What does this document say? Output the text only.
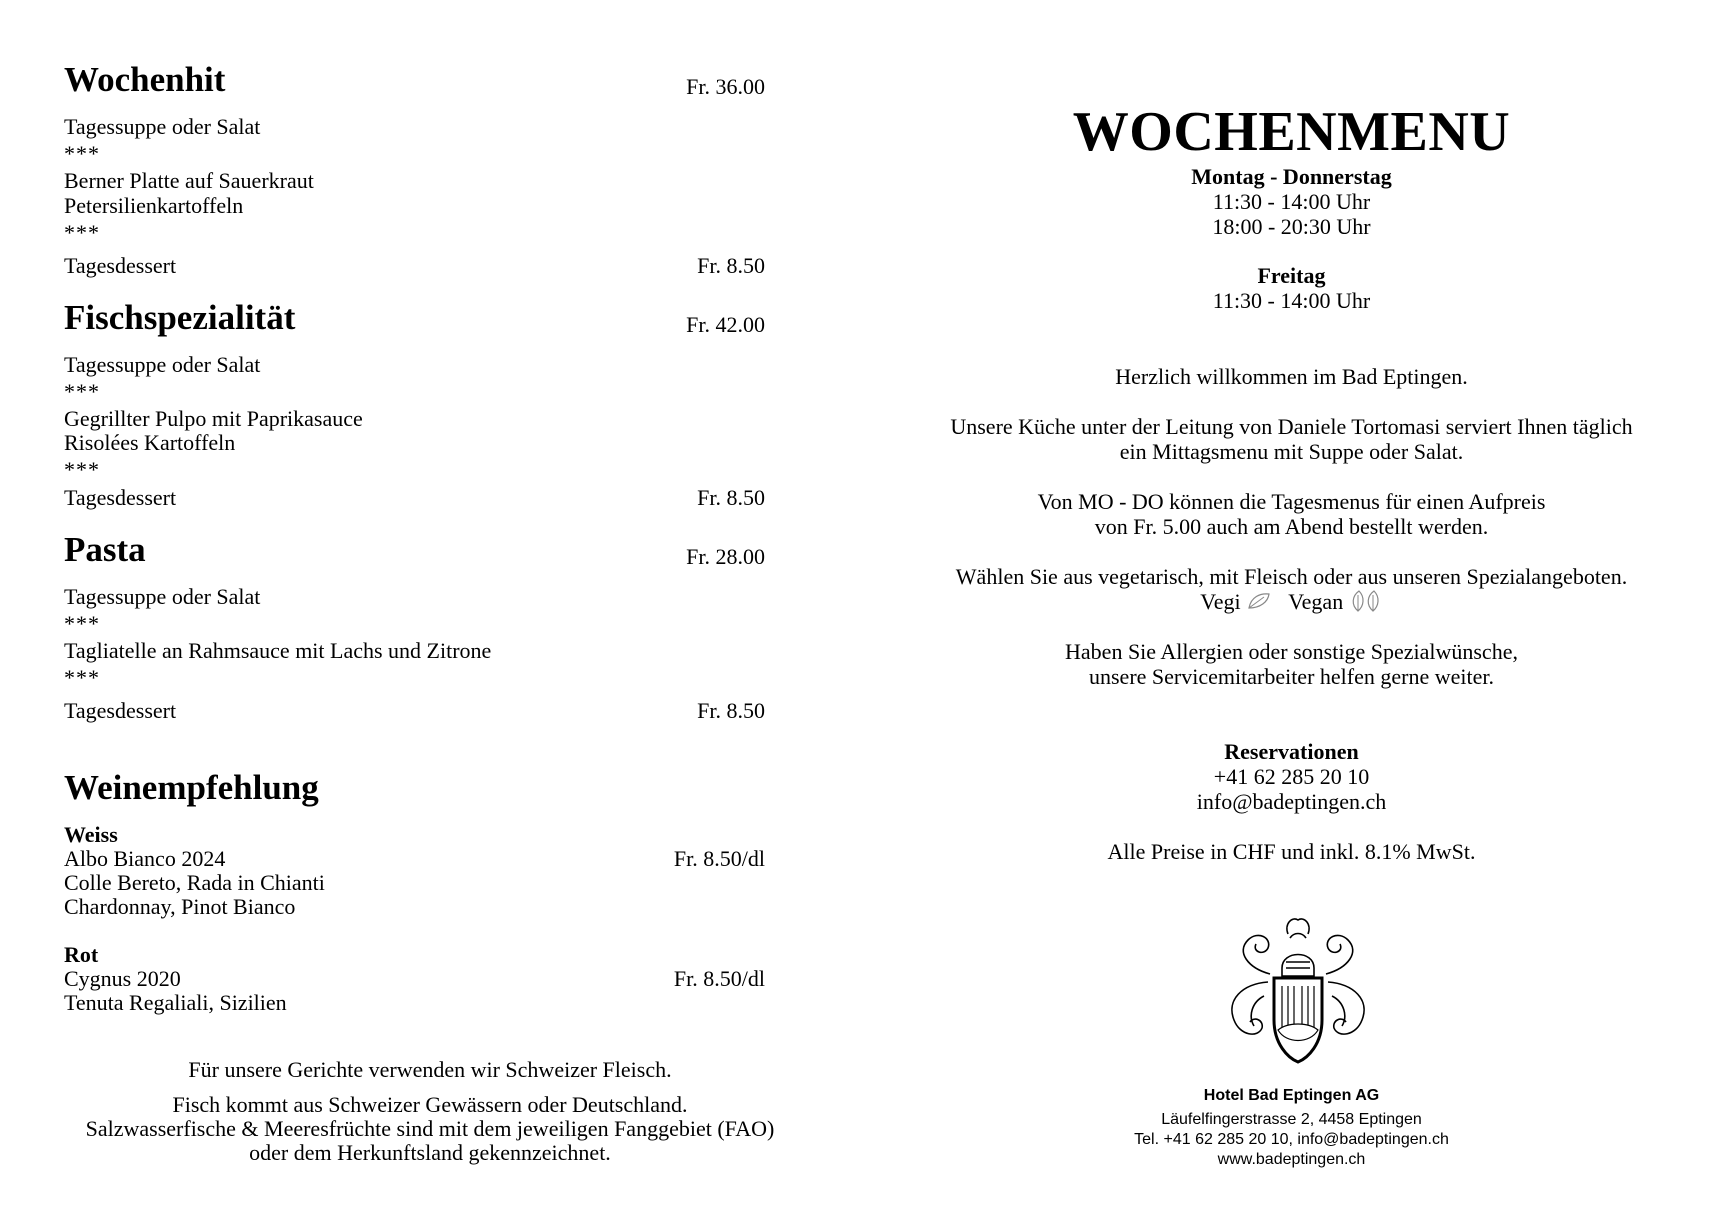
Wochenhit	Fr. 36.00
Tagessuppe oder Salat
***
Berner Platte auf Sauerkraut
Petersilienkartoffeln
***
Tagesdessert	Fr. 8.50
Fischspezialität	Fr. 42.00
Tagessuppe oder Salat
***
Gegrillter Pulpo mit Paprikasauce
Risolées Kartoffeln
***
Tagesdessert	Fr. 8.50
Pasta	Fr. 28.00
Tagessuppe oder Salat
***
Tagliatelle an Rahmsauce mit Lachs und Zitrone
***
Tagesdessert	Fr. 8.50
Weinempfehlung
Weiss
Albo Bianco 2024	Fr. 8.50/dl
Colle Bereto, Rada in Chianti
Chardonnay, Pinot Bianco
Rot
Cygnus 2020	Fr. 8.50/dl
Tenuta Regaliali, Sizilien
Für unsere Gerichte verwenden wir Schweizer Fleisch.
Fisch kommt aus Schweizer Gewässern oder Deutschland.
Salzwasserfische & Meeresfrüchte sind mit dem jeweiligen Fanggebiet (FAO)
oder dem Herkunftsland gekennzeichnet.
WOCHENMENU
Montag - Donnerstag
11:30 - 14:00 Uhr
18:00 - 20:30 Uhr
Freitag
11:30 - 14:00 Uhr
Herzlich willkommen im Bad Eptingen.
Unsere Küche unter der Leitung von Daniele Tortomasi serviert Ihnen täglich
ein Mittagsmenu mit Suppe oder Salat.
Von MO - DO können die Tagesmenus für einen Aufpreis
von Fr. 5.00 auch am Abend bestellt werden.
Wählen Sie aus vegetarisch, mit Fleisch oder aus unseren Spezialangeboten.
Vegi Vegan
Haben Sie Allergien oder sonstige Spezialwünsche,
unsere Servicemitarbeiter helfen gerne weiter.
Reservationen
+41 62 285 20 10
info@badeptingen.ch
Alle Preise in CHF und inkl. 8.1% MwSt.
Hotel Bad Eptingen AG
Läufelfingerstrasse 2, 4458 Eptingen
Tel. +41 62 285 20 10, info@badeptingen.ch
www.badeptingen.ch
